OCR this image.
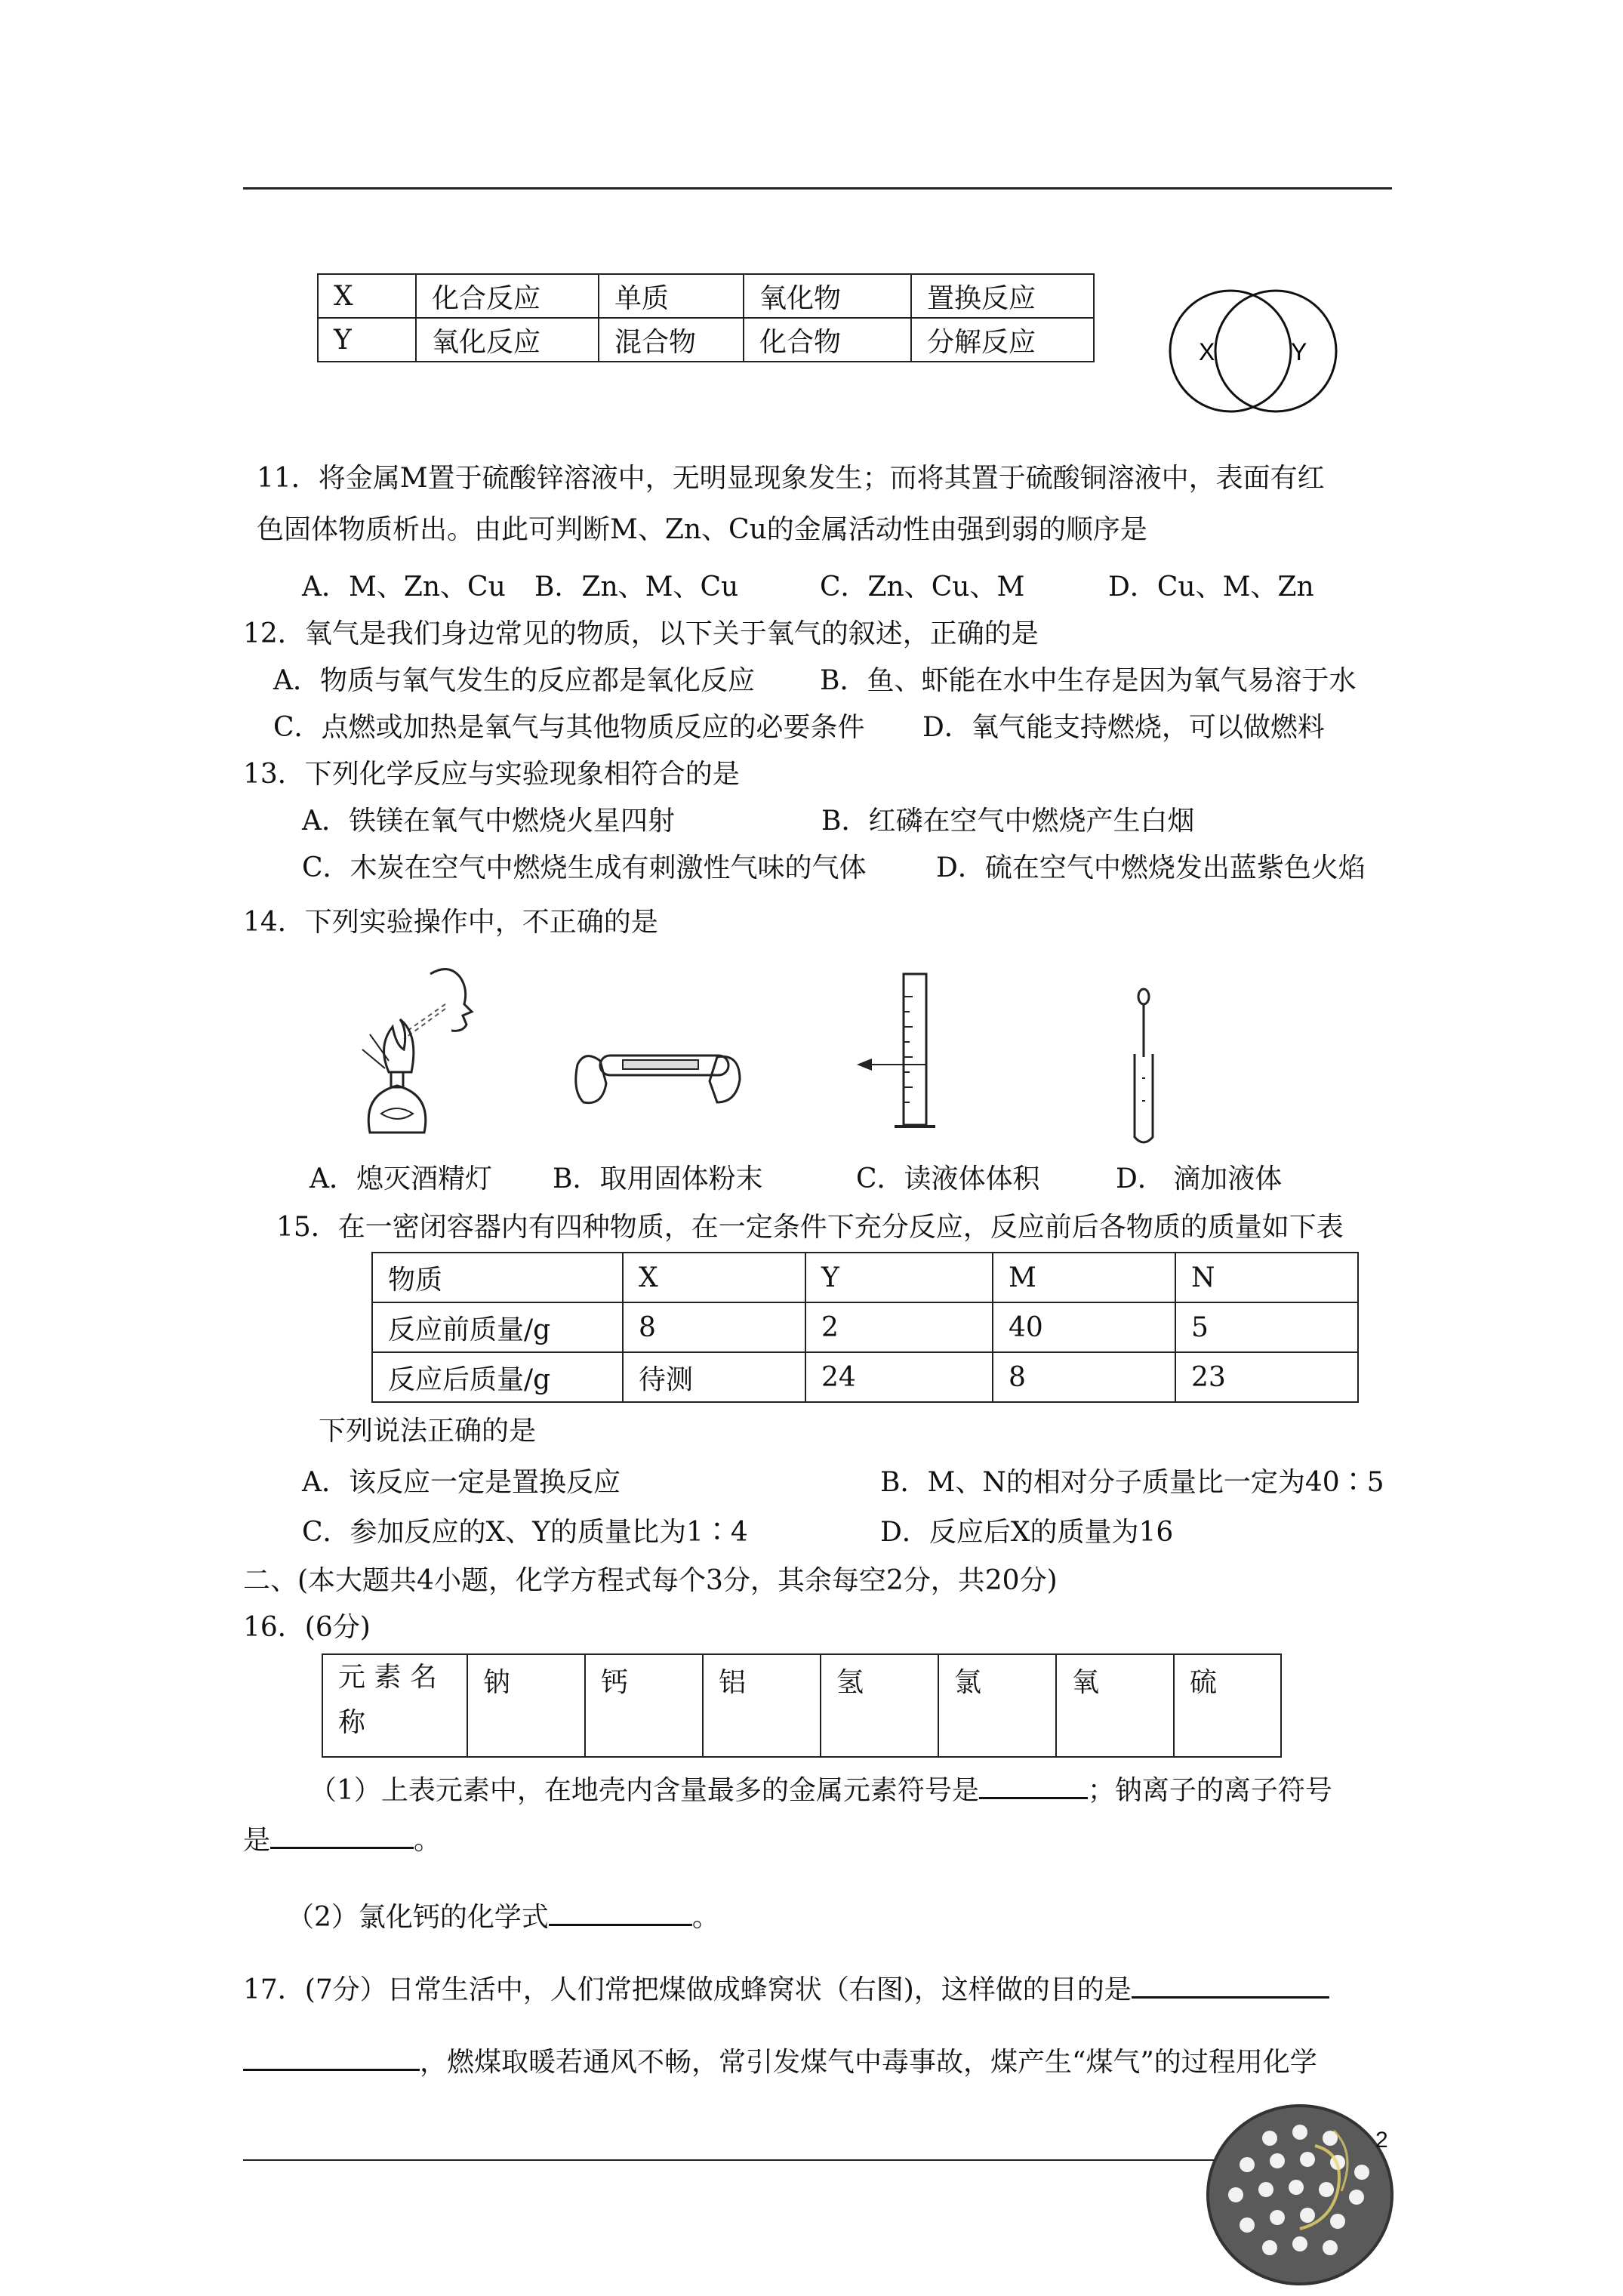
X	化合反应	单质	氧化物	置换反应
Y	氧化反应	混合物	化合物	分解反应	X	Y
11．将金属M置于硫酸锌溶液中，无明显现象发生；而将其置于硫酸铜溶液中，表面有红
色固体物质析出。由此可判断M、Zn、Cu的金属活动性由强到弱的顺序是
A．M、Zn、Cu B．Zn、M、Cu	C．Zn、Cu、M	D．Cu、M、Zn
12．氧气是我们身边常见的物质，以下关于氧气的叙述，正确的是
A．物质与氧气发生的反应都是氧化反应 B．鱼、虾能在水中生存是因为氧气易溶于水
C．点燃或加热是氧气与其他物质反应的必要条件 D．氧气能支持燃烧，可以做燃料
13．下列化学反应与实验现象相符合的是
A．铁镁在氧气中燃烧火星四射	B．红磷在空气中燃烧产生白烟
C．木炭在空气中燃烧生成有刺激性气味的气体	D．硫在空气中燃烧发出蓝紫色火焰
14．下列实验操作中，不正确的是
A．熄灭酒精灯 B．取用固体粉末	C．读液体体积	D． 滴加液体
15．在一密闭容器内有四种物质，在一定条件下充分反应，反应前后各物质的质量如下表
物质	X	Y	M	N
反应前质量/g	8	2	40	5
反应后质量/g	待测	24	8	23
下列说法正确的是
A．该反应一定是置换反应	B．M、N的相对分子质量比一定为40∶5
C．参加反应的X、Y的质量比为1∶4	D．反应后X的质量为16
二、(本大题共4小题，化学方程式每个3分，其余每空2分，共20分)
16．(6分)
元 素 名
称
	钠	钙	铝	氢	氯	氧	硫
（1）上表元素中，在地壳内含量最多的金属元素符号是	；钠离子的离子符号
是	。
（2）氯化钙的化学式	。
17．(7分）日常生活中，人们常把煤做成蜂窝状（右图)，这样做的目的是
，燃煤取暖若通风不畅，常引发煤气中毒事故，煤产生“煤气”的过程用化学
2
